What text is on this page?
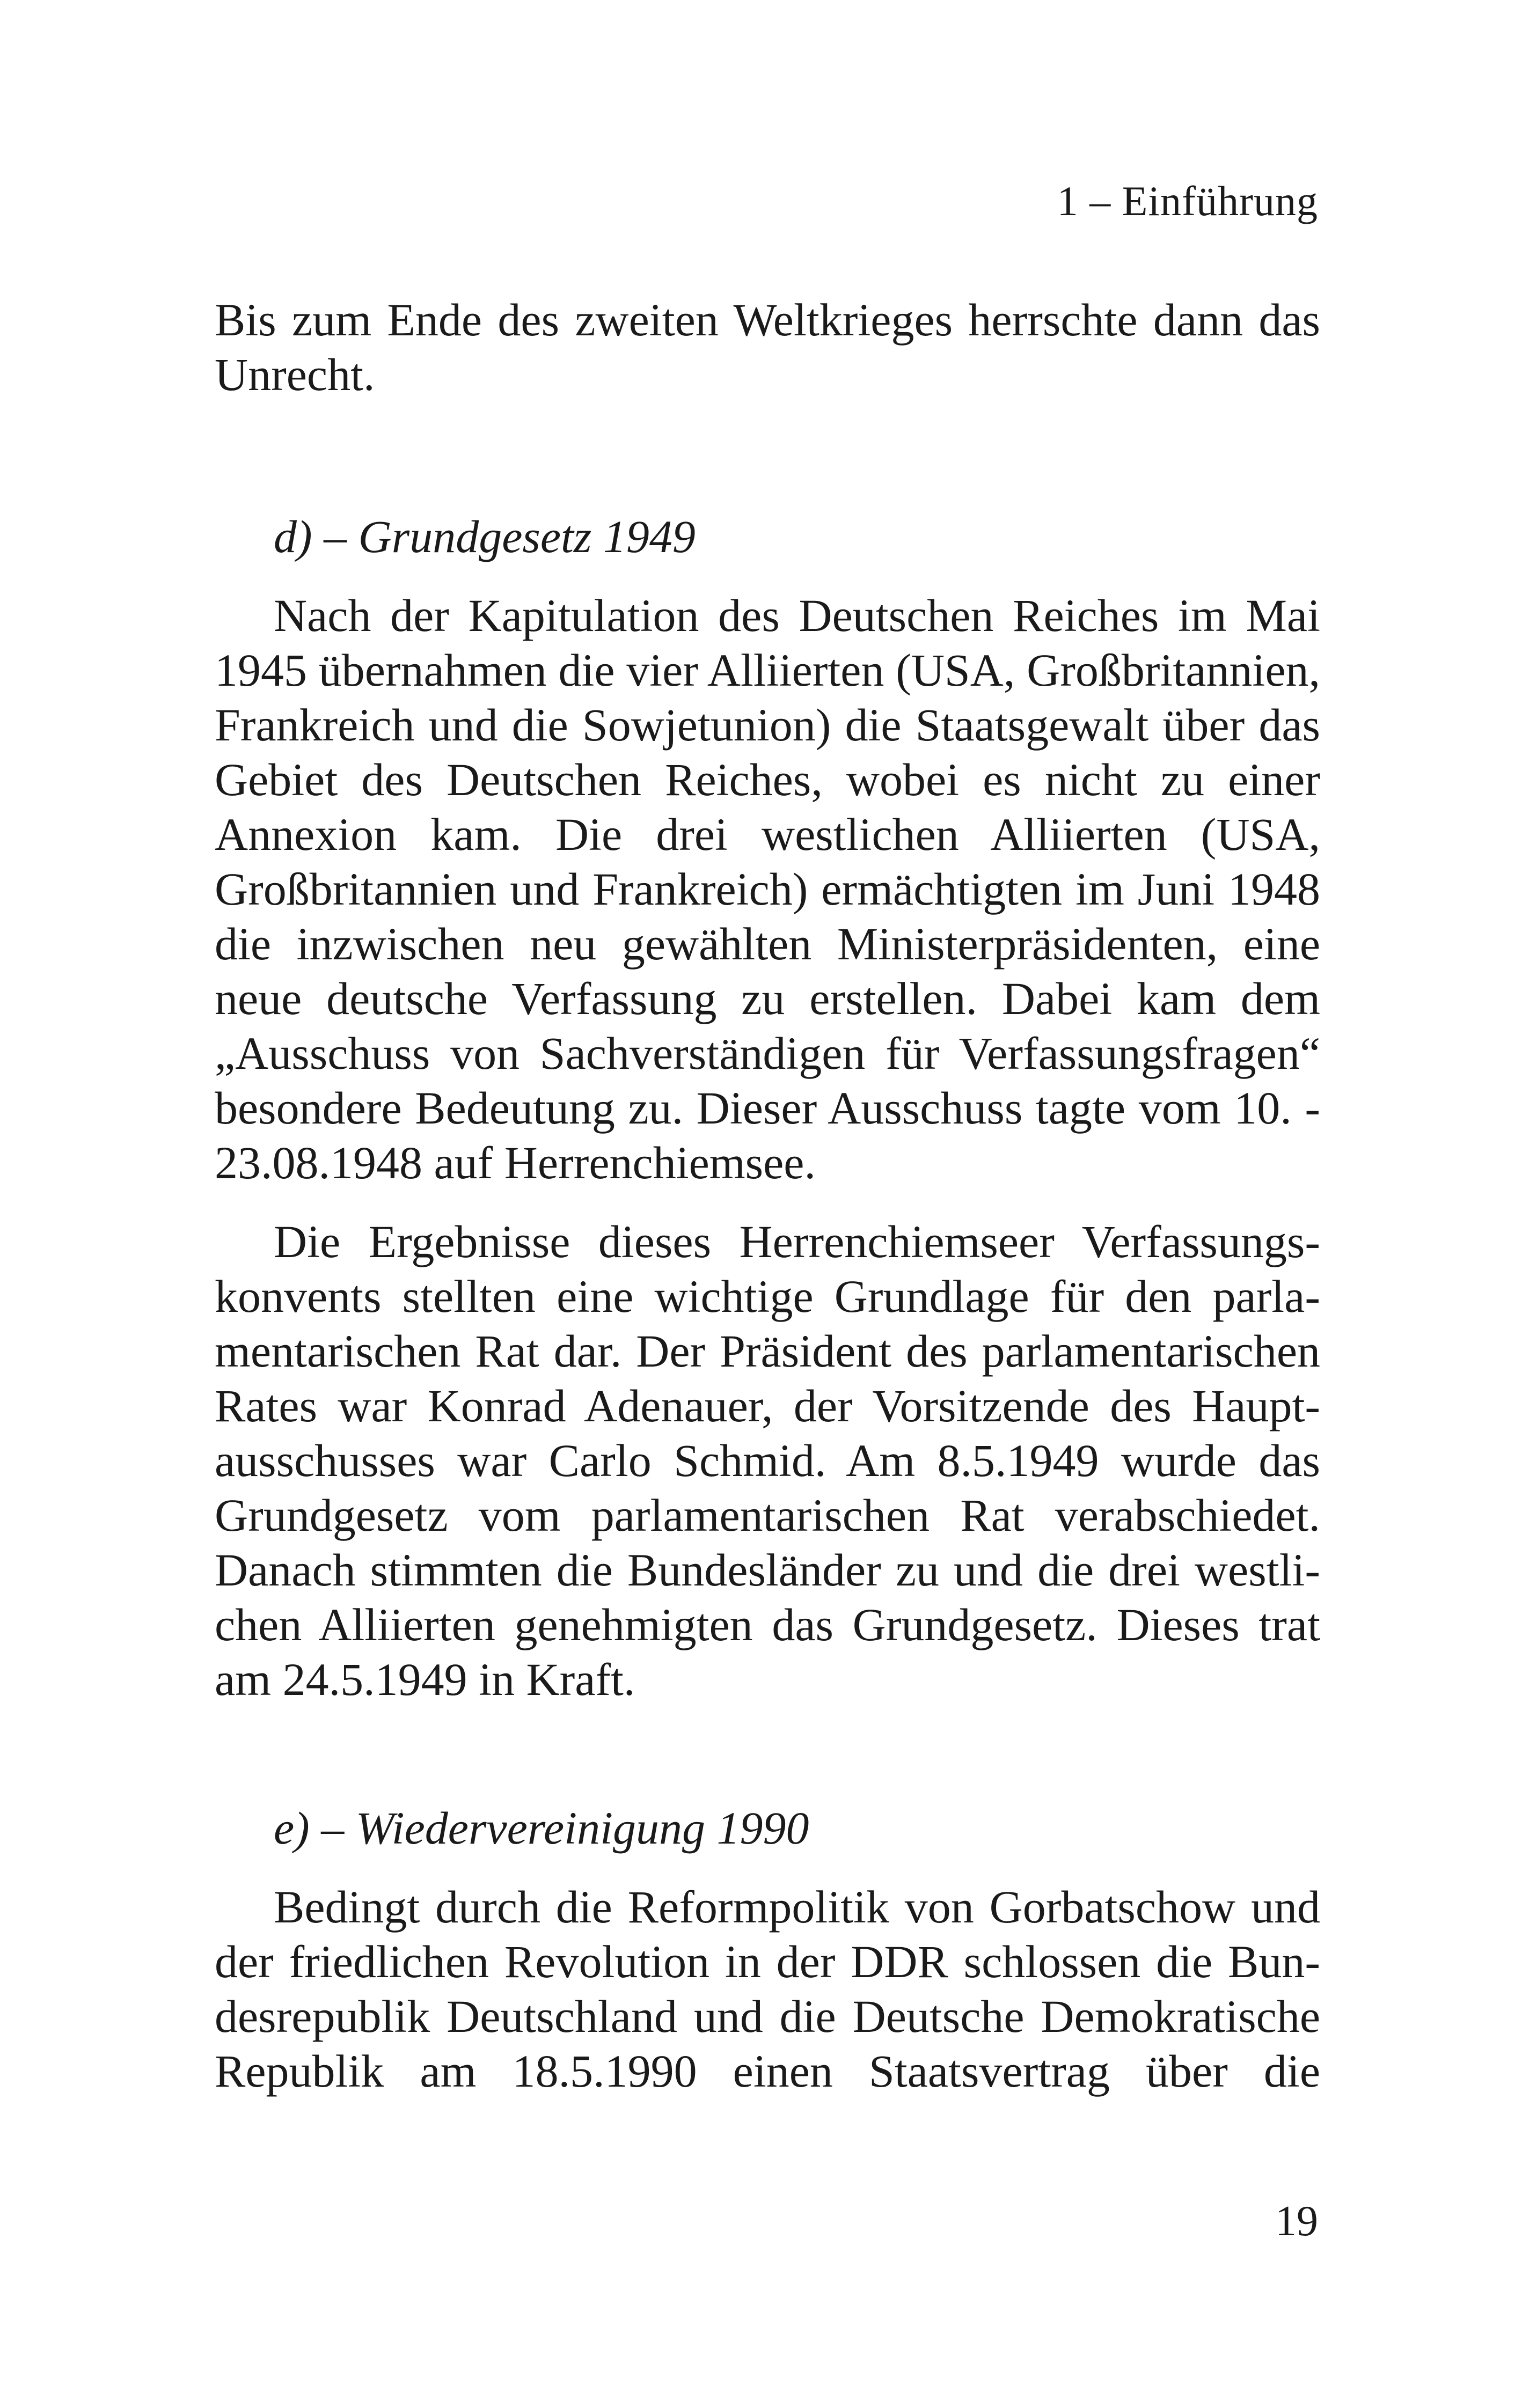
1 – Einführung

Bis zum Ende des zweiten Weltkrieges herrschte dann das Unrecht.

d) – Grundgesetz 1949

Nach der Kapitulation des Deutschen Reiches im Mai 1945 übernahmen die vier Alliierten (USA, Großbritannien, Frankreich und die Sowjetunion) die Staatsgewalt über das Gebiet des Deutschen Reiches, wobei es nicht zu einer Annexion kam. Die drei westlichen Alliierten (USA, Großbritannien und Frankreich) ermächtigten im Juni 1948 die inzwischen neu gewählten Ministerpräsidenten, eine neue deutsche Verfassung zu erstellen. Dabei kam dem „Ausschuss von Sachverständigen für Verfassungsfragen“ besondere Bedeutung zu. Dieser Ausschuss tagte vom 10. - 23.08.1948 auf Herrenchiemsee.

Die Ergebnisse dieses Herrenchiemseer Verfassungskonvents stellten eine wichtige Grundlage für den parlamentarischen Rat dar. Der Präsident des parlamentarischen Rates war Konrad Adenauer, der Vorsitzende des Hauptausschusses war Carlo Schmid. Am 8.5.1949 wurde das Grundgesetz vom parlamentarischen Rat verabschiedet. Danach stimmten die Bundesländer zu und die drei westlichen Alliierten genehmigten das Grundgesetz. Dieses trat am 24.5.1949 in Kraft.

e) – Wiedervereinigung 1990

Bedingt durch die Reformpolitik von Gorbatschow und der friedlichen Revolution in der DDR schlossen die Bundesrepublik Deutschland und die Deutsche Demokratische Republik am 18.5.1990 einen Staatsvertrag über die

19
